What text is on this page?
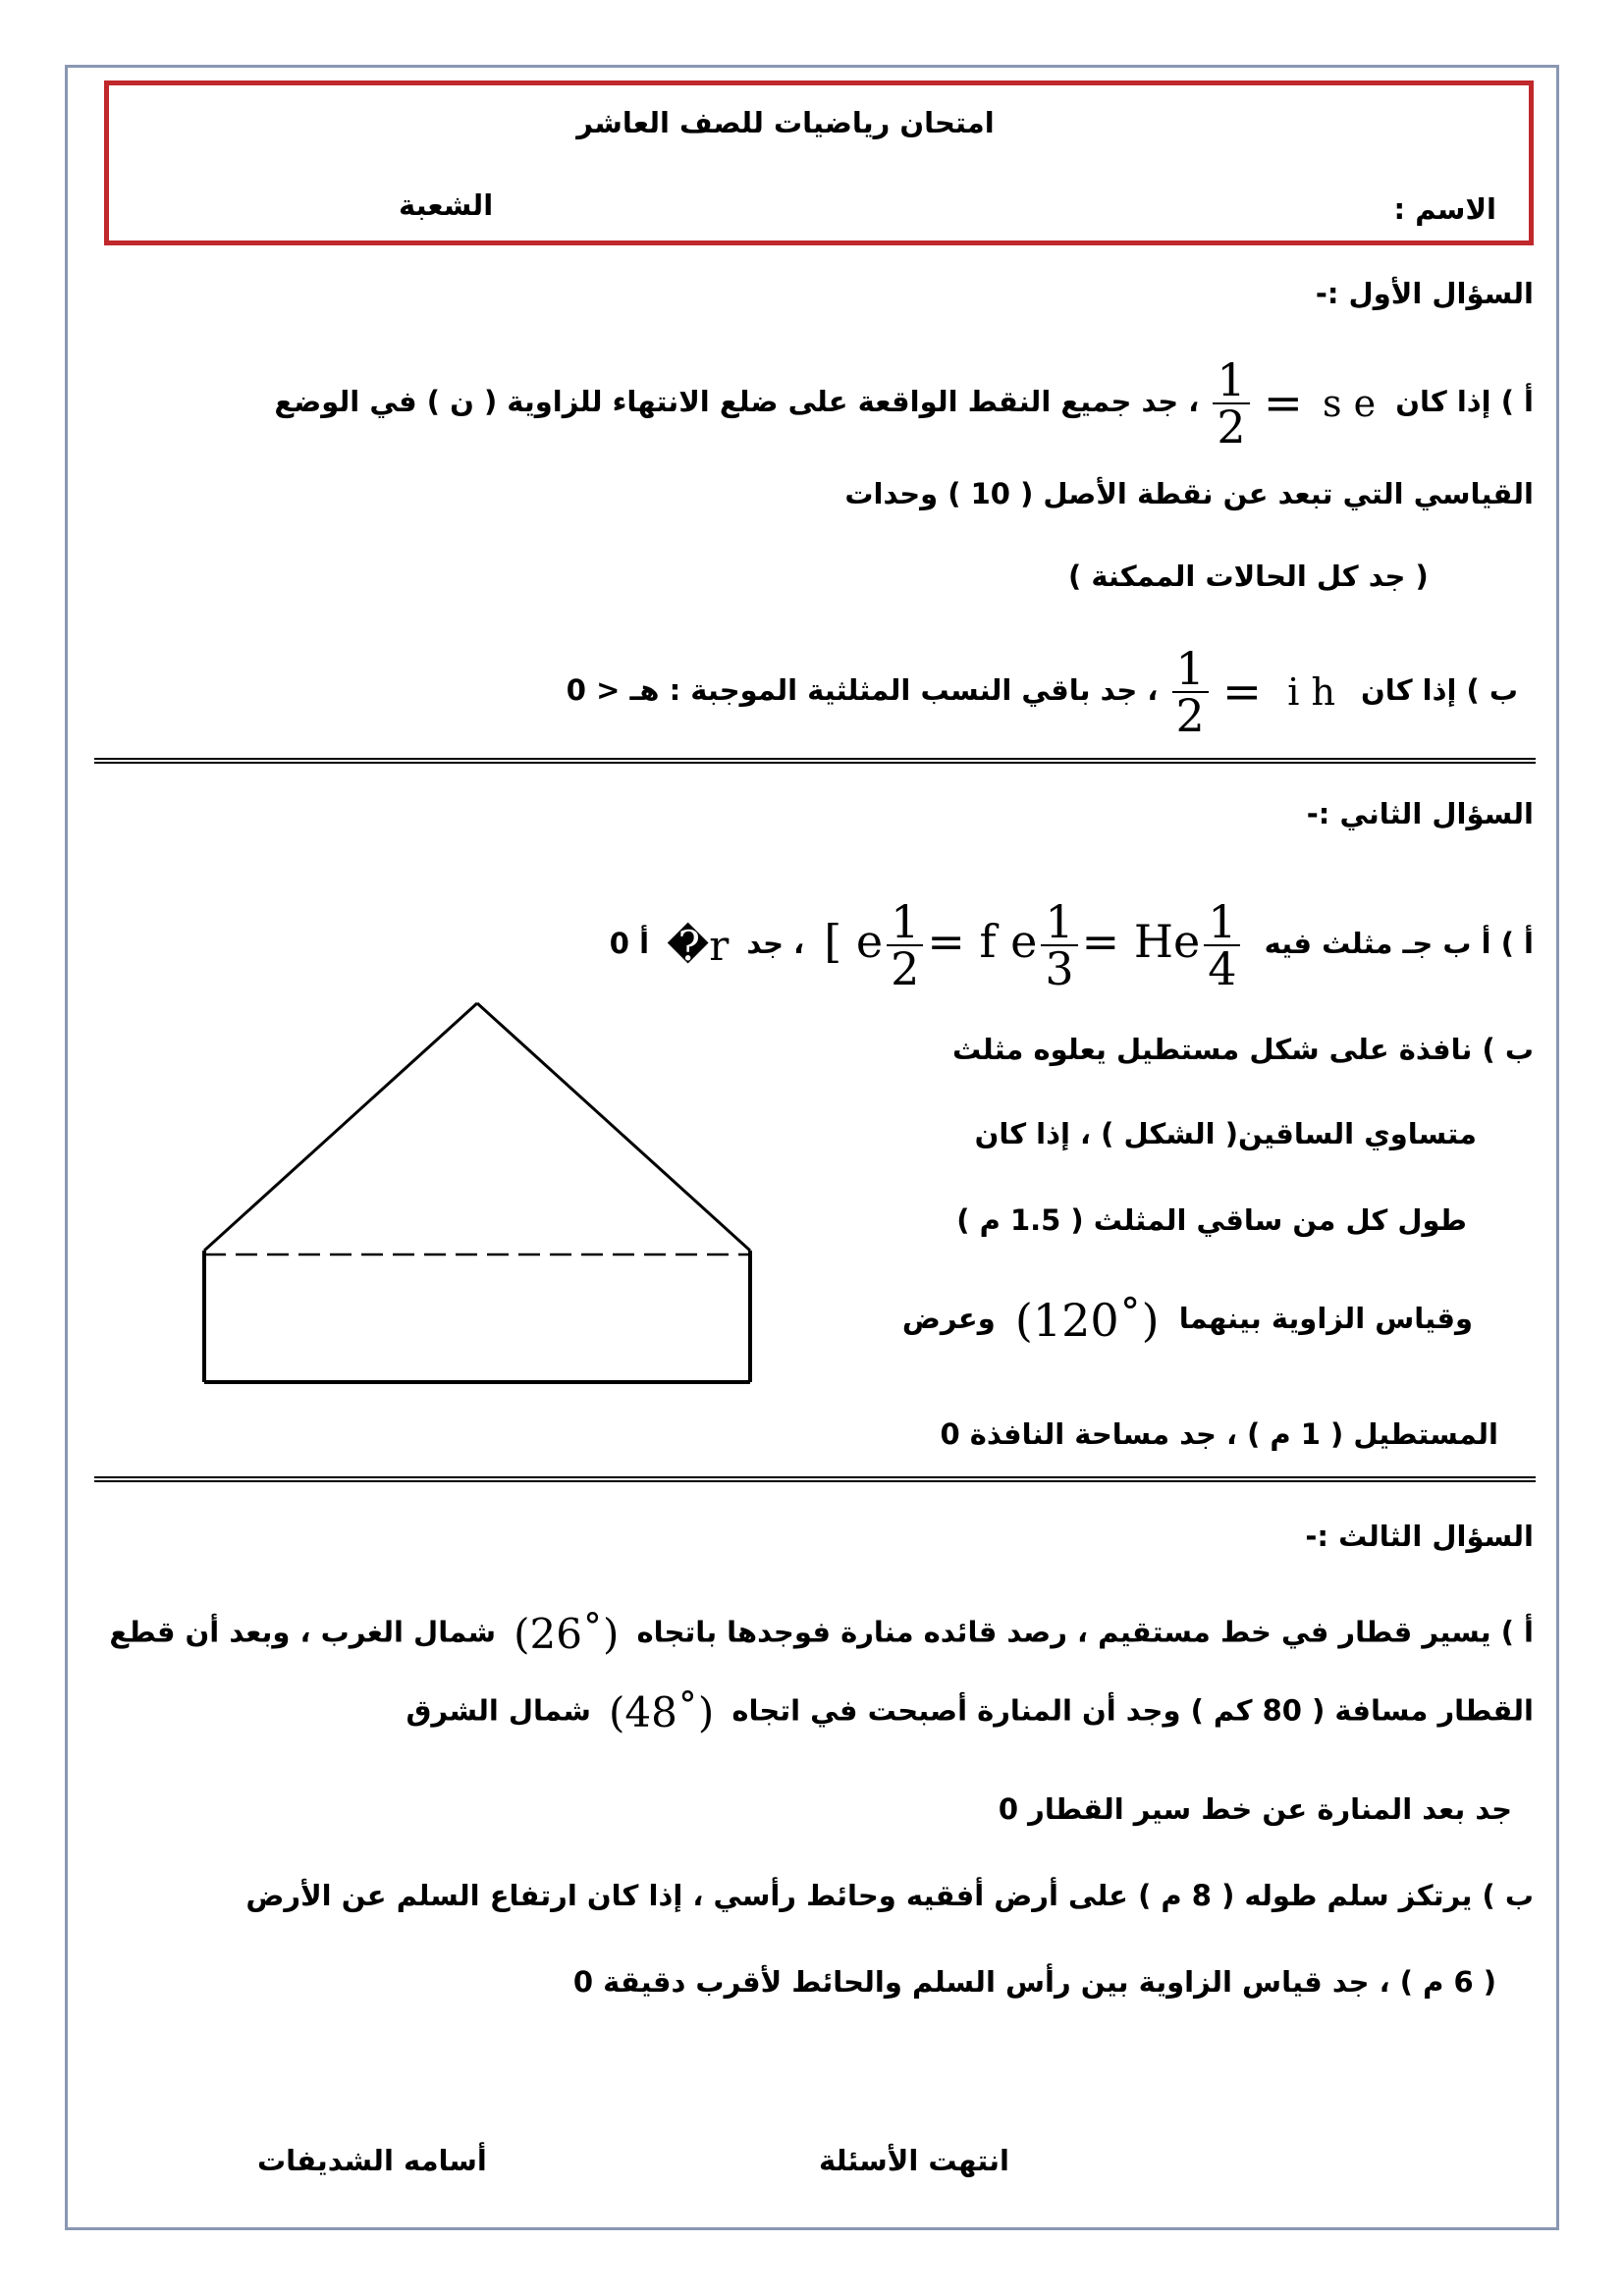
امتحان رياضيات للصف العاشر
الاسم :
الشعبة
السؤال الأول :-
أ ) إذا كان s e =
$\frac{1}{2}$
، جد جميع النقط الواقعة على ضلع الانتهاء للزاوية ( ن ) في الوضع
القياسي التي تبعد عن نقطة الأصل ( 10 ) وحدات
( جد كل الحالات الممكنة )
ب ) إذا كان i h =
$\frac{1}{2}$
، جد باقي النسب المثلثية الموجبة : هـ < 0
السؤال الثاني :-
أ ) أ ب جـ مثلث فيه [ e $\frac{1}{2} = f$ e $\frac{1}{3} = He \frac{1}{4}$
، جد �r أ 0
ب ) نافذة على شكل مستطيل يعلوه مثلث
متساوي الساقين( الشكل ) ، إذا كان
طول كل من ساقي المثلث ( 1.5 م )
وقياس الزاوية بينهما (120˚) وعرض
المستطيل ( 1 م ) ، جد مساحة النافذة 0
السؤال الثالث :-
أ ) يسير قطار في خط مستقيم ، رصد قائده منارة فوجدها باتجاه (26˚) شمال الغرب ، وبعد أن قطع
القطار مسافة ( 80 كم ) وجد أن المنارة أصبحت في اتجاه (48˚) شمال الشرق
جد بعد المنارة عن خط سير القطار 0
ب ) يرتكز سلم طوله ( 8 م ) على أرض أفقيه وحائط رأسي ، إذا كان ارتفاع السلم عن الأرض
( 6 م ) ، جد قياس الزاوية بين رأس السلم والحائط لأقرب دقيقة 0
انتهت الأسئلة
أسامه الشديفات
